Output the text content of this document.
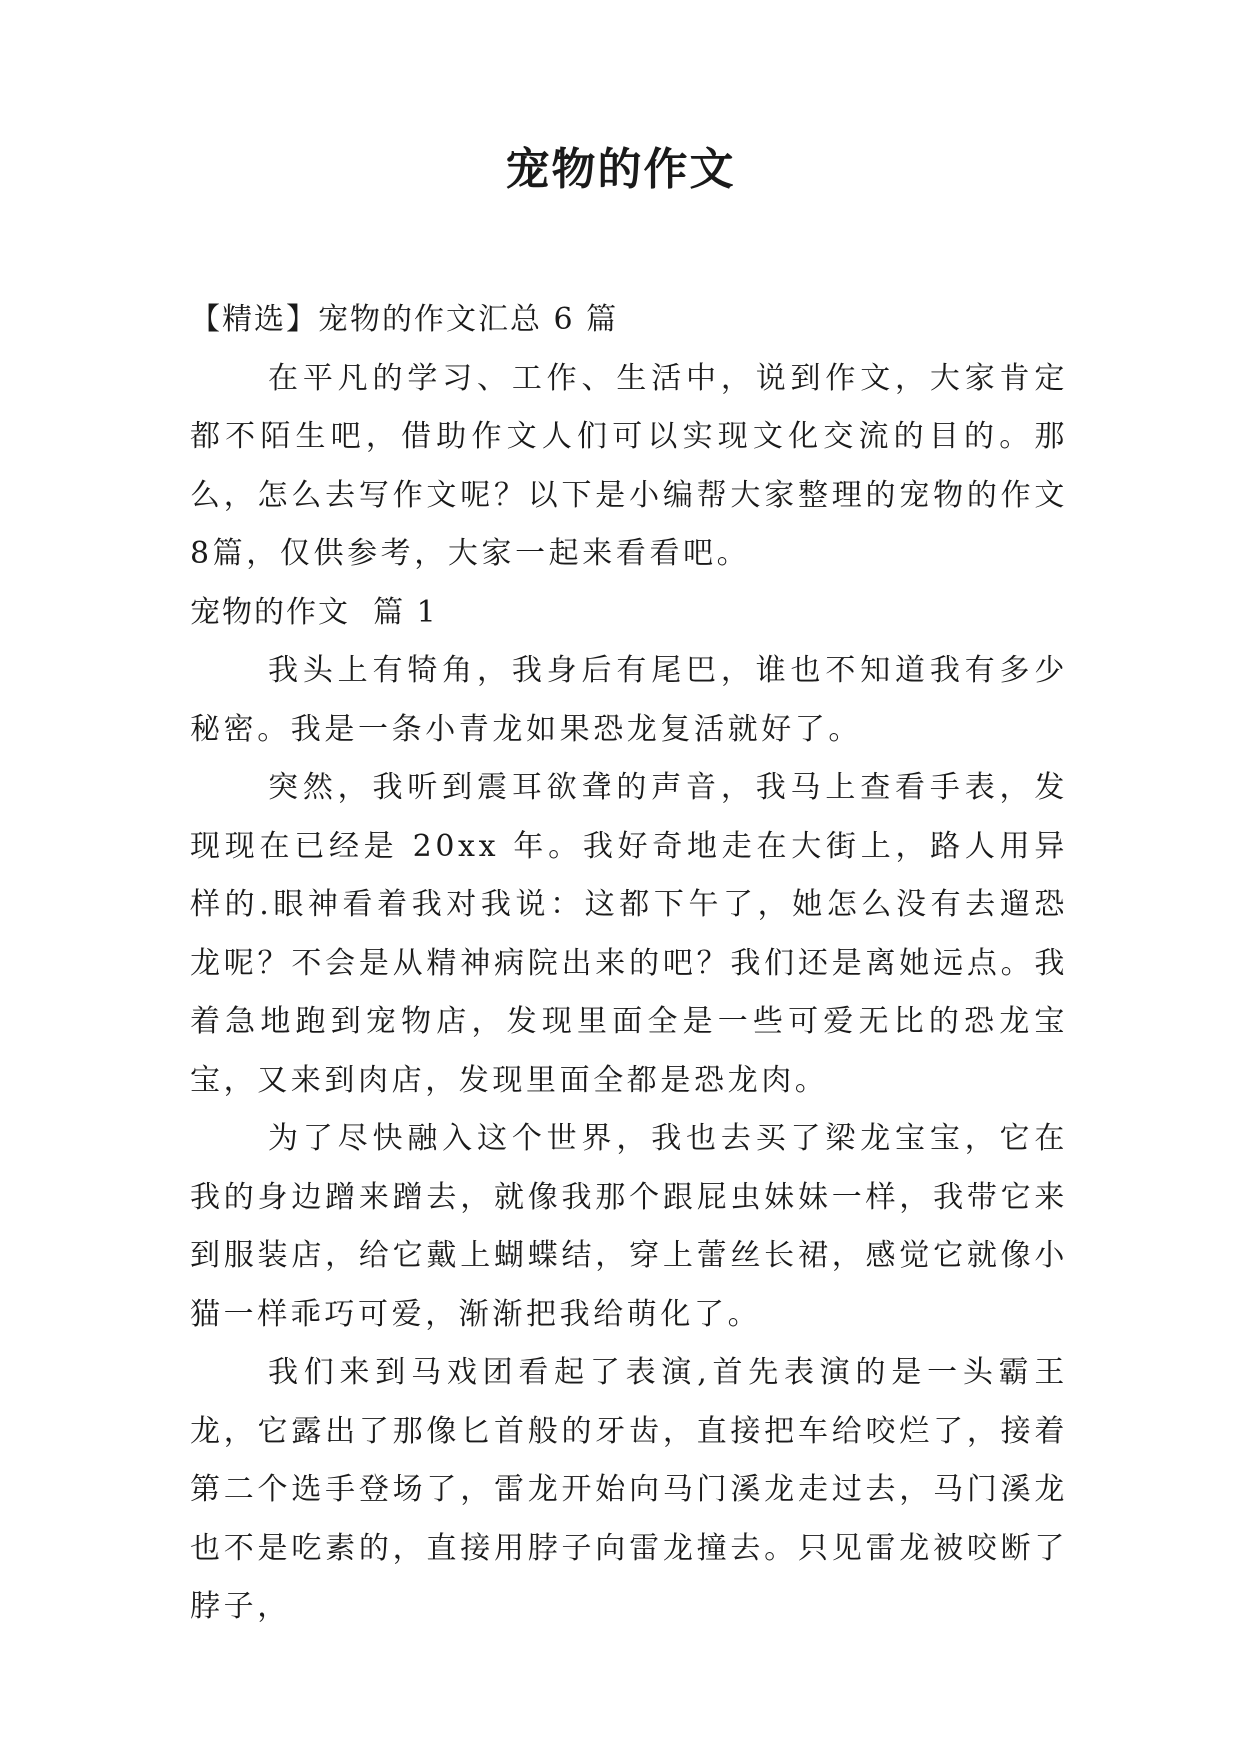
宠物的作文

【精选】宠物的作文汇总 6 篇

在平凡的学习、工作、生活中，说到作文，大家肯定都不陌生吧，借助作文人们可以实现文化交流的目的。那么，怎么去写作文呢？以下是小编帮大家整理的宠物的作文8篇，仅供参考，大家一起来看看吧。

宠物的作文  篇 1

我头上有犄角，我身后有尾巴，谁也不知道我有多少秘密。我是一条小青龙如果恐龙复活就好了。

突然，我听到震耳欲聋的声音，我马上查看手表，发现现在已经是 20xx 年。我好奇地走在大街上，路人用异样的.眼神看着我对我说：这都下午了，她怎么没有去遛恐龙呢？不会是从精神病院出来的吧？我们还是离她远点。我着急地跑到宠物店，发现里面全是一些可爱无比的恐龙宝宝，又来到肉店，发现里面全都是恐龙肉。

为了尽快融入这个世界，我也去买了梁龙宝宝，它在我的身边蹭来蹭去，就像我那个跟屁虫妹妹一样，我带它来到服装店，给它戴上蝴蝶结，穿上蕾丝长裙，感觉它就像小猫一样乖巧可爱，渐渐把我给萌化了。

我们来到马戏团看起了表演,首先表演的是一头霸王龙，它露出了那像匕首般的牙齿，直接把车给咬烂了，接着第二个选手登场了，雷龙开始向马门溪龙走过去，马门溪龙也不是吃素的，直接用脖子向雷龙撞去。只见雷龙被咬断了脖子，
